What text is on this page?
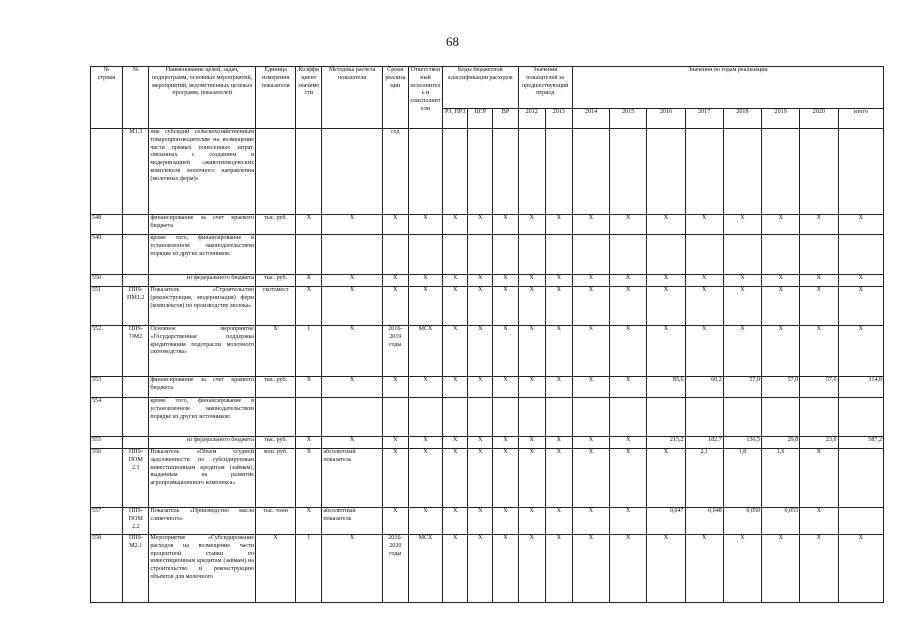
68
№
строки	№	Наименование целей, задач, подпрограмм, основных мероприятий, мероприятий, ведомственных целевых программ, показателей	Единица измерения показателя	Коэффициент значимости	Методика расчета показателя	Сроки реализации	Ответственный исполнитель и соисполнители	Коды бюджетной классификации расходов			Значения показателей за предшествующий период		Значения по годам реализации							
								РЗ, ПРЗ	ЦСР	ВР	2012	2013	2014	2015	2016	2017	2018	2019	2020	итого
	М1.3	ние субсидий сельскохозяйственным товаропроизводителям на возмещение части прямых понесенных затрат, связанных с созданием и модернизацией «животноводческих комплексов молочного направления (молочных ферм)»				год														
548		финансирование за счет краевого бюджета	тыс. руб.	Х	Х	Х	Х	Х	Х	Х	Х	Х	Х	Х	Х	Х	Х	Х	Х	Х
549		кроме того, финансирование в установленном законодательством порядке из других источников:																		
550		из федерального бюджета	тыс. руб.	Х	Х	Х	Х	Х	Х	Х	Х	Х	Х	Х	Х	Х	Х	Х	Х	Х
551	ПП9-ПМ1.2	Показатель «Строительство (реконструкция, модернизация) ферм (комплексов) по производству молока»	скотомест	Х	Х	Х	Х	Х	Х	Х	Х	Х	Х	Х	Х	Х	Х	Х	Х	Х
552	ПП9-ОМ2	Основное мероприятие «Государственная поддержка кредитования подотрасли молочного скотоводства»	Х	1	Х	2016-2019 годы	МСХ	Х	Х	Х	Х	Х	Х	Х	Х	Х	Х	Х	Х	Х
553		финансирование за счет краевого бюджета	тыс. руб.	Х	Х	Х	Х	Х	Х	Х	Х	Х	Х	Х	85,6	60,2	57,0	57,0	57,0	314,8
554		кроме того, финансирование в установленном законодательством порядке из других источников:																		
555		из федерального бюджета	тыс. руб.	Х	Х	Х	Х	Х	Х	Х	Х	Х	Х	Х	215,2	182,7	136,5	29,8	23,0	587,2
556	ПП9-ПОМ 2.1	Показатель «Объем ссудной задолженности по субсидируемым инвестиционным кредитам (займам), выданным на развитие агропромышленного комплекса»	млн. руб.	Х	абсолютный показатель	Х	Х	Х	Х	Х	Х	Х	Х	Х	Х	2,1	1,8	1,6	Х	
557	ПП9-ПОМ 2.2	Показатель «Производство масла сливочного»	тыс. тонн	Х	абсолютный показатель	Х	Х	Х	Х	Х	Х	Х	Х	Х	0,047	0,048	0,050	0,055	Х	
558	ПП9-М2.1	Мероприятие «Субсидирование расходов на возмещение части процентной ставки по инвестиционным кредитам (займам) на строительство и реконструкцию объектов для молочного	Х	1	Х	2016-2020 годы	МСХ	Х	Х	Х	Х	Х	Х	Х	Х	Х	Х	Х	Х	Х
